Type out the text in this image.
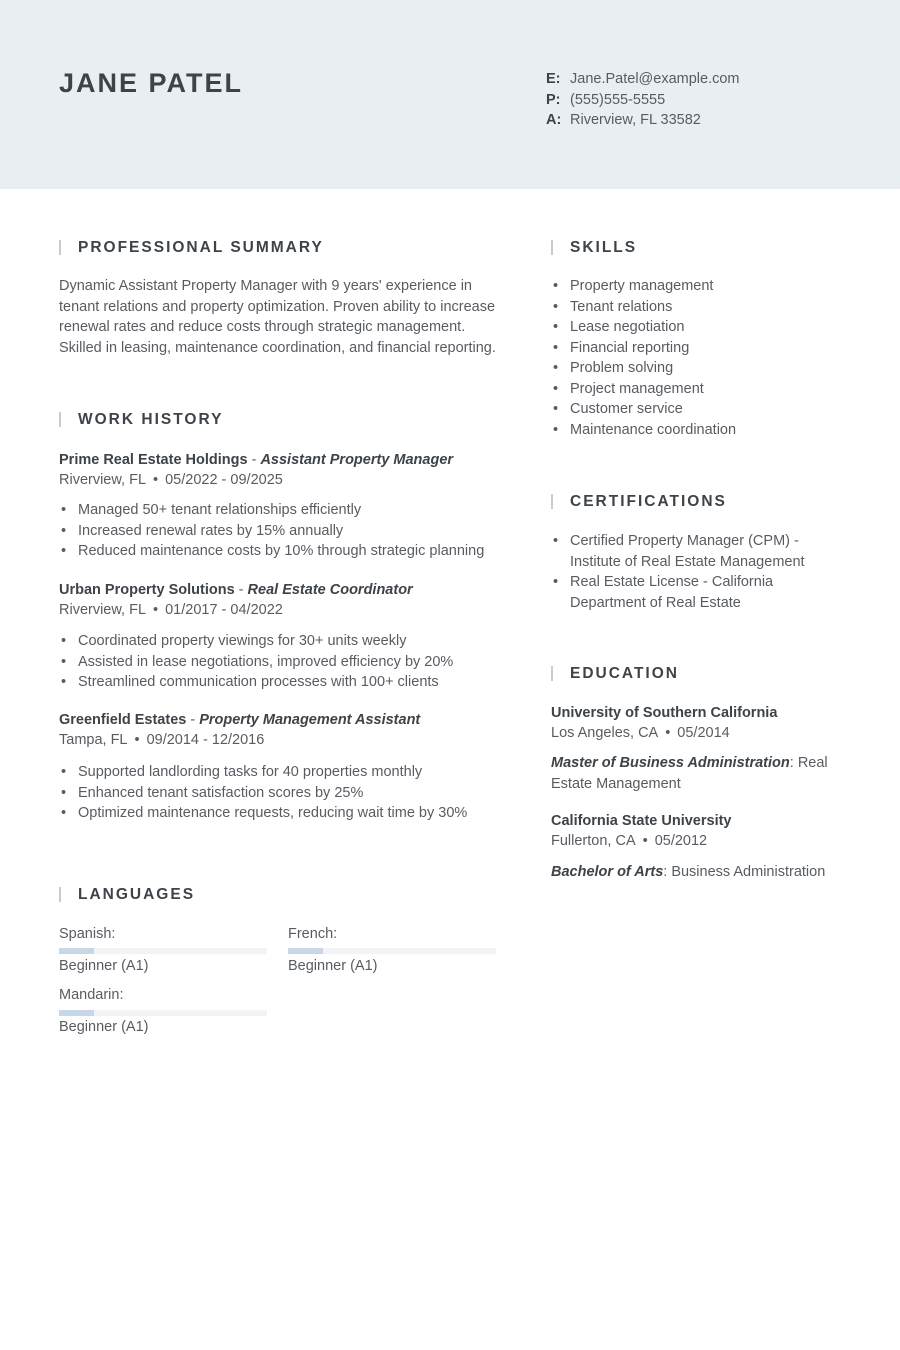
JANE PATEL	E: Jane.Patel@example.com
P: (555)555-5555
A: Riverview, FL 33582
PROFESSIONAL SUMMARY
Dynamic Assistant Property Manager with 9 years' experience in tenant relations and property optimization. Proven ability to increase renewal rates and reduce costs through strategic management. Skilled in leasing, maintenance coordination, and financial reporting.
WORK HISTORY
Prime Real Estate Holdings - Assistant Property Manager
Riverview, FL • 05/2022 - 09/2025
• Managed 50+ tenant relationships efficiently
• Increased renewal rates by 15% annually
• Reduced maintenance costs by 10% through strategic planning
Urban Property Solutions - Real Estate Coordinator
Riverview, FL • 01/2017 - 04/2022
• Coordinated property viewings for 30+ units weekly
• Assisted in lease negotiations, improved efficiency by 20%
• Streamlined communication processes with 100+ clients
Greenfield Estates - Property Management Assistant
Tampa, FL • 09/2014 - 12/2016
• Supported landlording tasks for 40 properties monthly
• Enhanced tenant satisfaction scores by 25%
• Optimized maintenance requests, reducing wait time by 30%
LANGUAGES
Spanish:
Beginner (A1)
French:
Beginner (A1)
Mandarin:
Beginner (A1)
SKILLS
• Property management
• Tenant relations
• Lease negotiation
• Financial reporting
• Problem solving
• Project management
• Customer service
• Maintenance coordination
CERTIFICATIONS
• Certified Property Manager (CPM) - Institute of Real Estate Management
• Real Estate License - California Department of Real Estate
EDUCATION
University of Southern California
Los Angeles, CA • 05/2014
Master of Business Administration: Real Estate Management
California State University
Fullerton, CA • 05/2012
Bachelor of Arts: Business Administration
